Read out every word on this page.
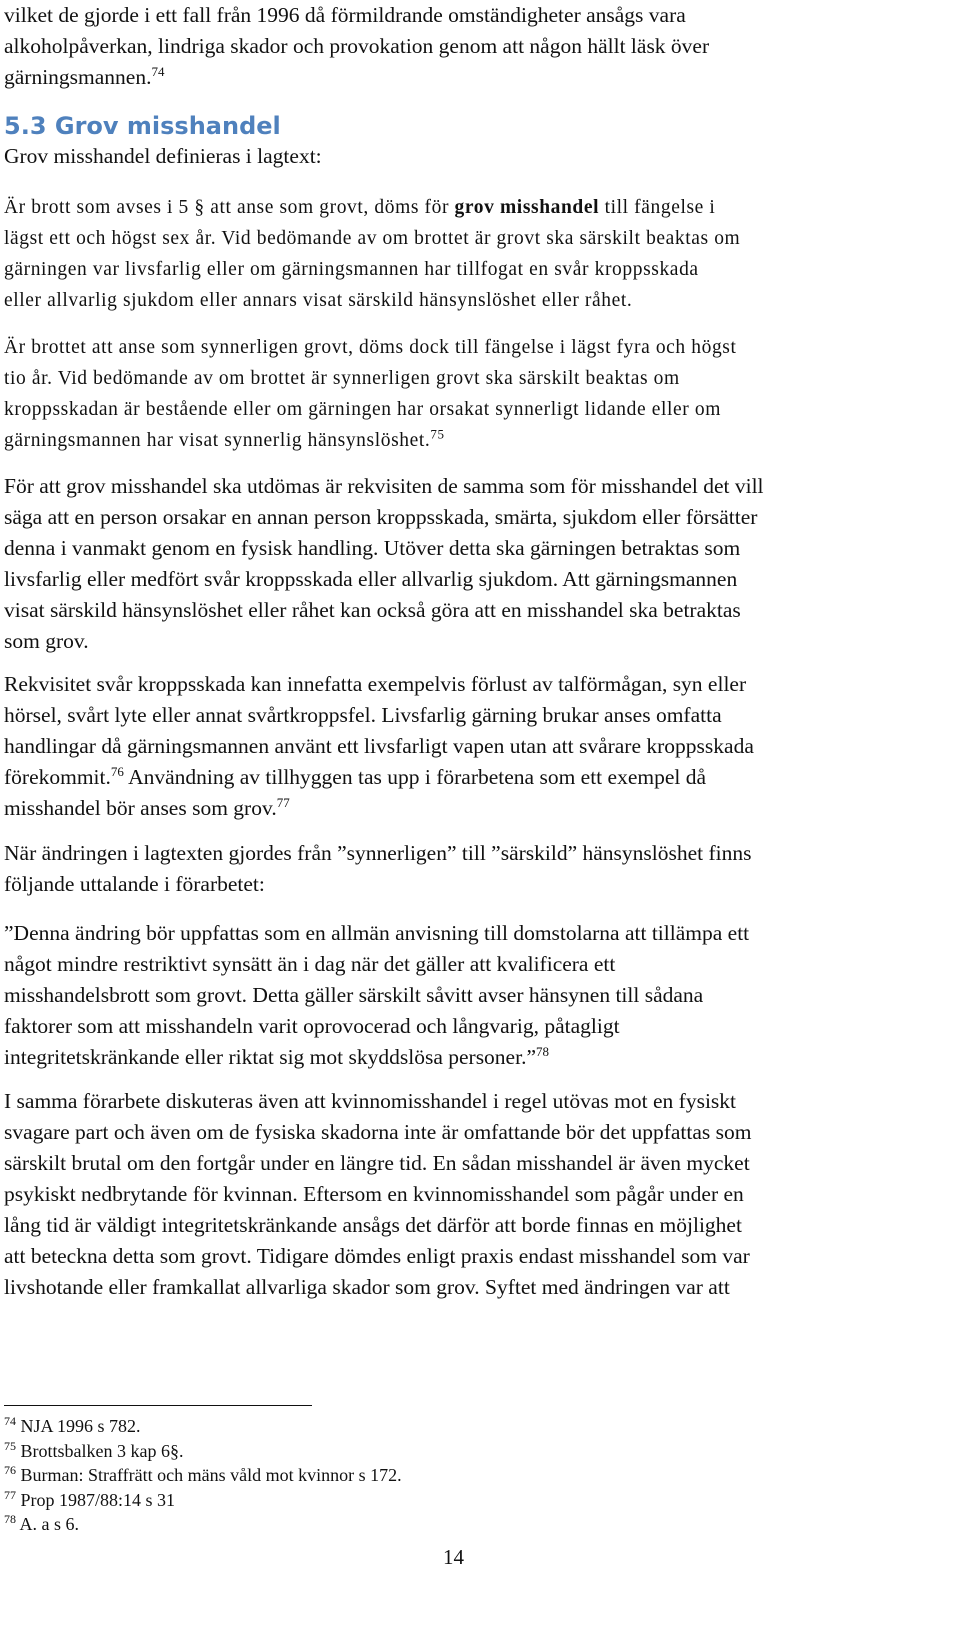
vilket de gjorde i ett fall från 1996 då förmildrande omständigheter ansågs vara
alkoholpåverkan, lindriga skador och provokation genom att någon hällt läsk över
gärningsmannen.$^{74}$

5.3 Grov misshandel

Grov misshandel definieras i lagtext:

Är brott som avses i 5 § att anse som grovt, döms för grov misshandel till fängelse i
lägst ett och högst sex år. Vid bedömande av om brottet är grovt ska särskilt beaktas om
gärningen var livsfarlig eller om gärningsmannen har tillfogat en svår kroppsskada
eller allvarlig sjukdom eller annars visat särskild hänsynslöshet eller råhet.

Är brottet att anse som synnerligen grovt, döms dock till fängelse i lägst fyra och högst
tio år. Vid bedömande av om brottet är synnerligen grovt ska särskilt beaktas om
kroppsskadan är bestående eller om gärningen har orsakat synnerligt lidande eller om
gärningsmannen har visat synnerlig hänsynslöshet.$^{75}$

För att grov misshandel ska utdömas är rekvisiten de samma som för misshandel det vill
säga att en person orsakar en annan person kroppsskada, smärta, sjukdom eller försätter
denna i vanmakt genom en fysisk handling. Utöver detta ska gärningen betraktas som
livsfarlig eller medfört svår kroppsskada eller allvarlig sjukdom. Att gärningsmannen
visat särskild hänsynslöshet eller råhet kan också göra att en misshandel ska betraktas
som grov.

Rekvisitet svår kroppsskada kan innefatta exempelvis förlust av talförmågan, syn eller
hörsel, svårt lyte eller annat svårtkroppsfel. Livsfarlig gärning brukar anses omfatta
handlingar då gärningsmannen använt ett livsfarligt vapen utan att svårare kroppsskada
förekommit.$^{76}$ Användning av tillhyggen tas upp i förarbetena som ett exempel då
misshandel bör anses som grov.$^{77}$

När ändringen i lagtexten gjordes från ”synnerligen” till ”särskild” hänsynslöshet finns
följande uttalande i förarbetet:

”Denna ändring bör uppfattas som en allmän anvisning till domstolarna att tillämpa ett
något mindre restriktivt synsätt än i dag när det gäller att kvalificera ett
misshandelsbrott som grovt. Detta gäller särskilt såvitt avser hänsynen till sådana
faktorer som att misshandeln varit oprovocerad och långvarig, påtagligt
integritetskränkande eller riktat sig mot skyddslösa personer.”$^{78}$

I samma förarbete diskuteras även att kvinnomisshandel i regel utövas mot en fysiskt
svagare part och även om de fysiska skadorna inte är omfattande bör det uppfattas som
särskilt brutal om den fortgår under en längre tid. En sådan misshandel är även mycket
psykiskt nedbrytande för kvinnan. Eftersom en kvinnomisshandel som pågår under en
lång tid är väldigt integritetskränkande ansågs det därför att borde finnas en möjlighet
att beteckna detta som grovt. Tidigare dömdes enligt praxis endast misshandel som var
livshotande eller framkallat allvarliga skador som grov. Syftet med ändringen var att

$^{74}$ NJA 1996 s 782.
$^{75}$ Brottsbalken 3 kap 6§.
$^{76}$ Burman: Straffrätt och mäns våld mot kvinnor s 172.
$^{77}$ Prop 1987/88:14 s 31
$^{78}$ A. a s 6.
14
